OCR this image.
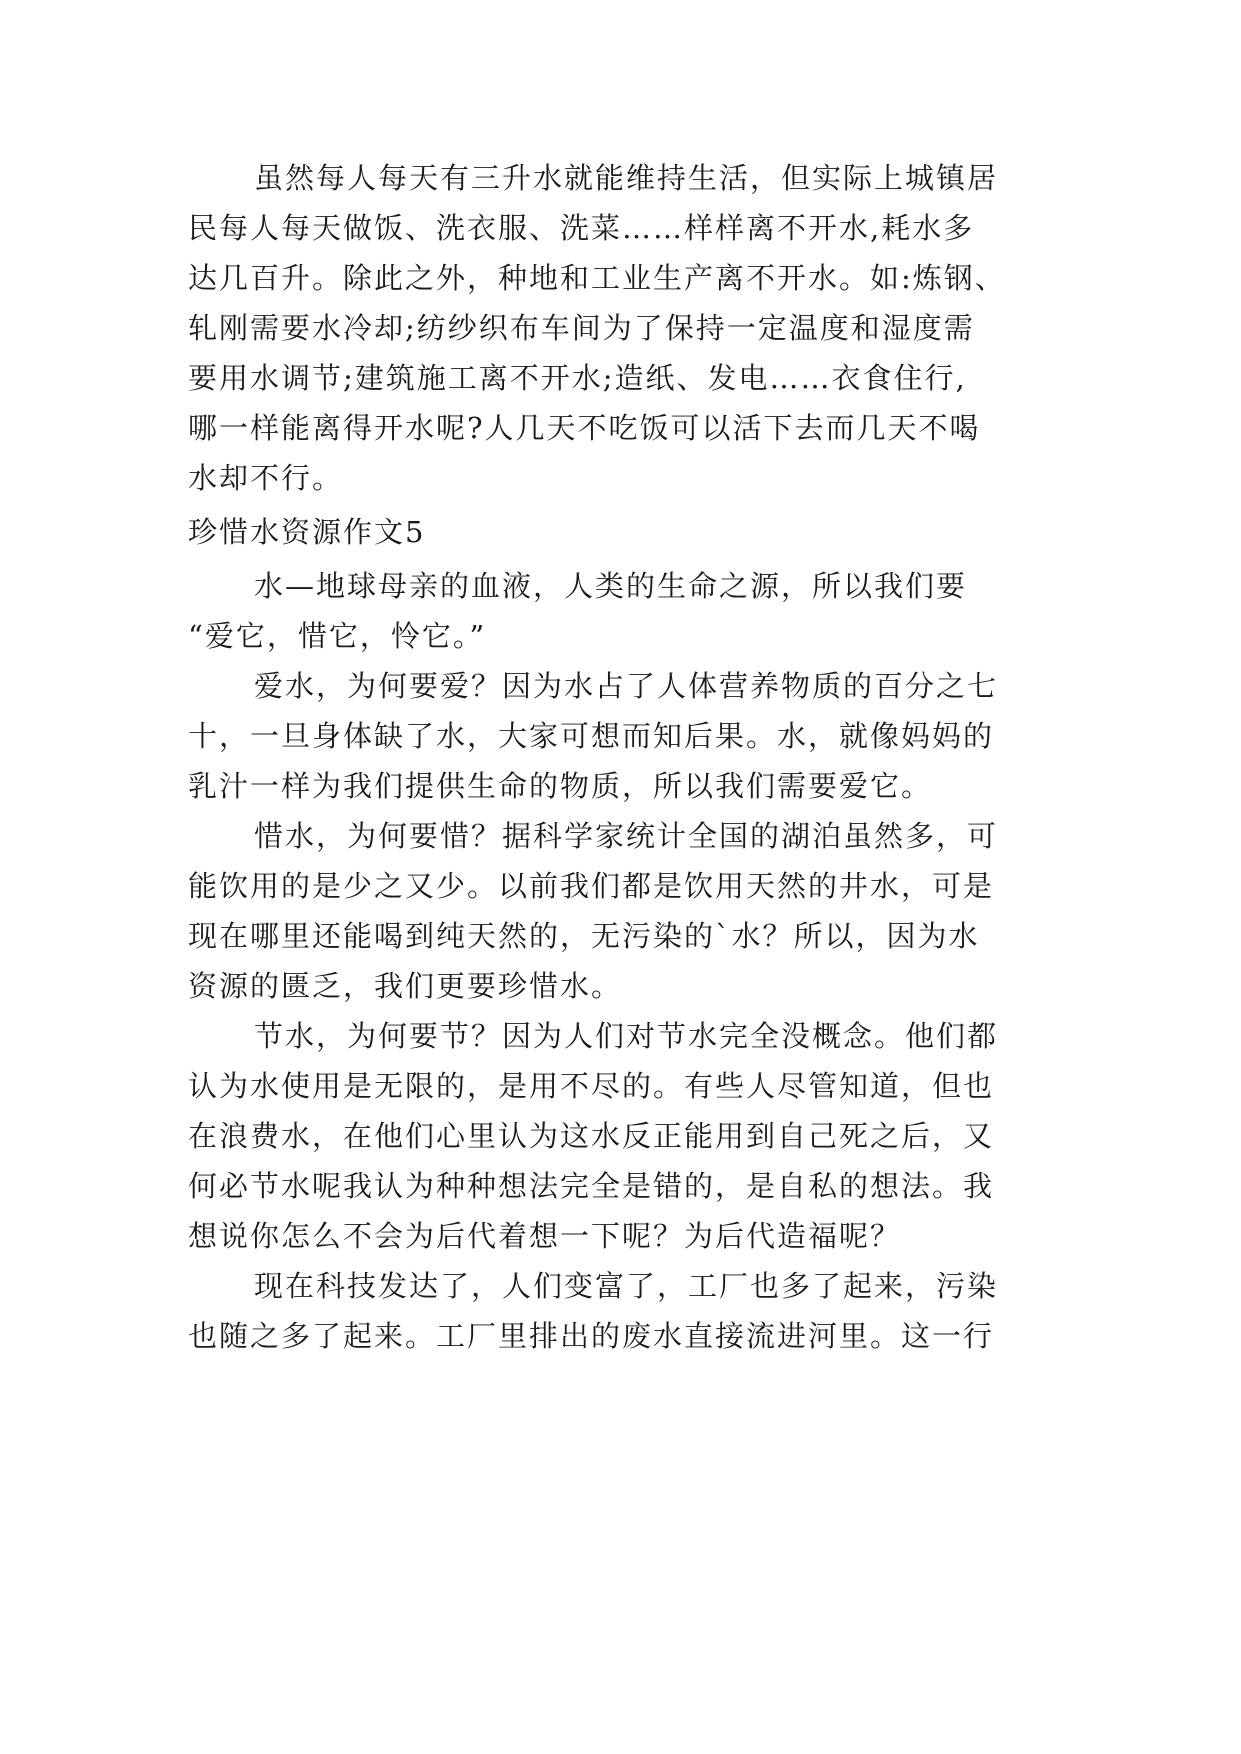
虽然每人每天有三升水就能维持生活，但实际上城镇居
民每人每天做饭、洗衣服、洗菜……样样离不开水,耗水多
达几百升。除此之外，种地和工业生产离不开水。如:炼钢、
轧刚需要水冷却;纺纱织布车间为了保持一定温度和湿度需
要用水调节;建筑施工离不开水;造纸、发电……衣食住行,
哪一样能离得开水呢?人几天不吃饭可以活下去而几天不喝
水却不行。
珍惜水资源作文5
水—地球母亲的血液，人类的生命之源，所以我们要
“爱它，惜它，怜它。”
爱水，为何要爱？因为水占了人体营养物质的百分之七
十，一旦身体缺了水，大家可想而知后果。水，就像妈妈的
乳汁一样为我们提供生命的物质，所以我们需要爱它。
惜水，为何要惜？据科学家统计全国的湖泊虽然多，可
能饮用的是少之又少。以前我们都是饮用天然的井水，可是
现在哪里还能喝到纯天然的，无污染的`水？所以，因为水
资源的匮乏，我们更要珍惜水。
节水，为何要节？因为人们对节水完全没概念。他们都
认为水使用是无限的，是用不尽的。有些人尽管知道，但也
在浪费水，在他们心里认为这水反正能用到自己死之后，又
何必节水呢我认为种种想法完全是错的，是自私的想法。我
想说你怎么不会为后代着想一下呢？为后代造福呢？
现在科技发达了，人们变富了，工厂也多了起来，污染
也随之多了起来。工厂里排出的废水直接流进河里。这一行
